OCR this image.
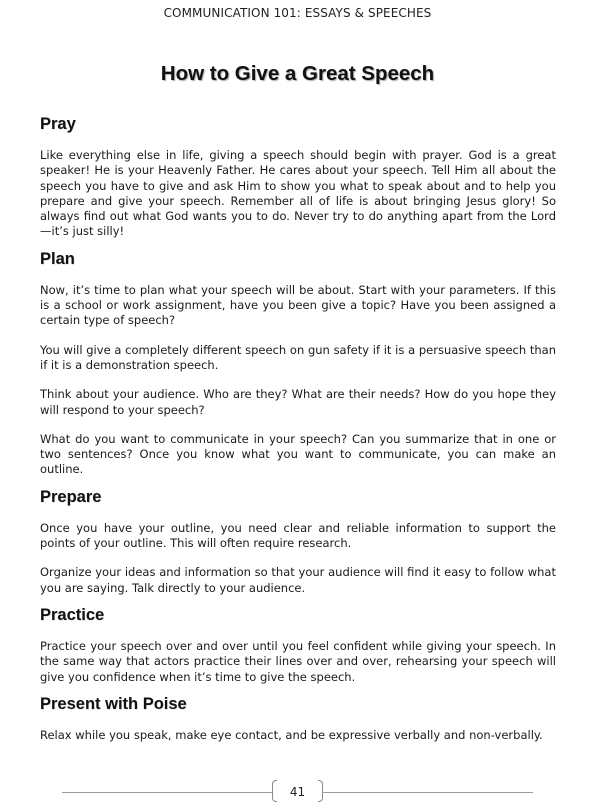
COMMUNICATION 101: ESSAYS & SPEECHES
How to Give a Great Speech
Pray

Like everything else in life, giving a speech should begin with prayer. God is a great speaker! He is your Heavenly Father. He cares about your speech. Tell Him all about the speech you have to give and ask Him to show you what to speak about and to help you prepare and give your speech. Remember all of life is about bringing Jesus glory! So always find out what God wants you to do. Never try to do anything apart from the Lord—it’s just silly!

Plan

Now, it’s time to plan what your speech will be about. Start with your parameters. If this is a school or work assignment, have you been give a topic? Have you been assigned a certain type of speech?

You will give a completely different speech on gun safety if it is a persuasive speech than if it is a demonstration speech.

Think about your audience. Who are they? What are their needs? How do you hope they will respond to your speech?

What do you want to communicate in your speech? Can you summarize that in one or two sentences? Once you know what you want to communicate, you can make an outline.

Prepare

Once you have your outline, you need clear and reliable information to support the points of your outline. This will often require research.

Organize your ideas and information so that your audience will find it easy to follow what you are saying. Talk directly to your audience.

Practice

Practice your speech over and over until you feel confident while giving your speech. In the same way that actors practice their lines over and over, rehearsing your speech will give you confidence when it’s time to give the speech.

Present with Poise

Relax while you speak, make eye contact, and be expressive verbally and non-verbally.

41
